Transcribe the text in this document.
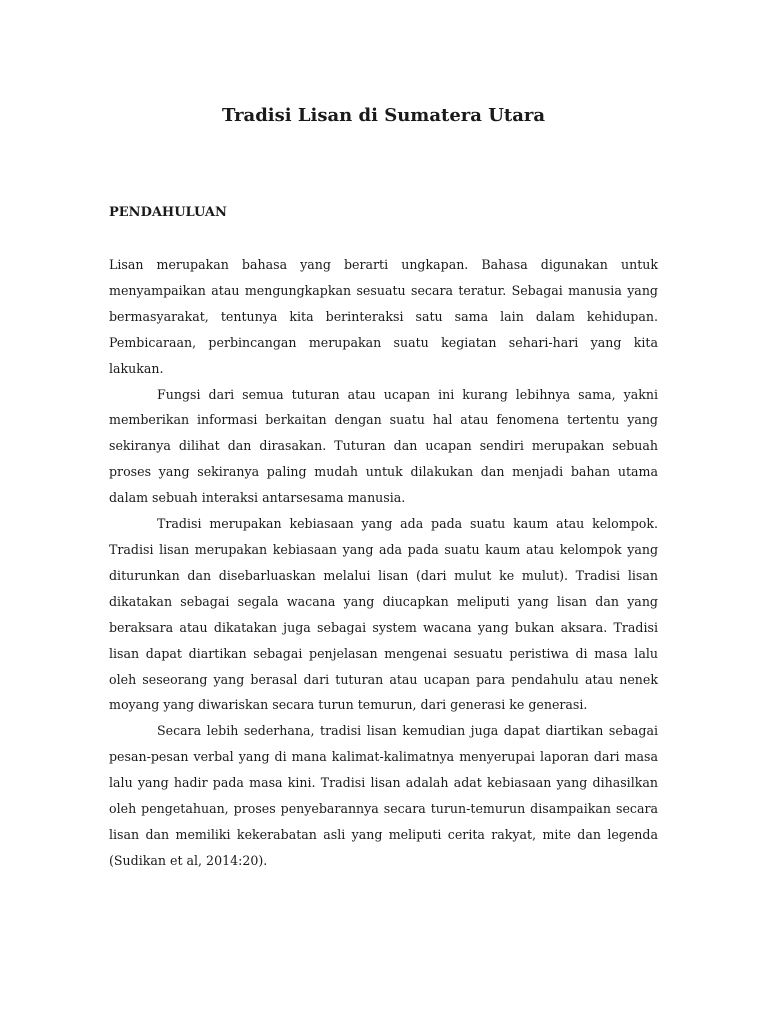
Tradisi Lisan di Sumatera Utara
PENDAHULUAN

Lisan merupakan bahasa yang berarti ungkapan. Bahasa digunakan untuk menyampaikan atau mengungkapkan sesuatu secara teratur. Sebagai manusia yang bermasyarakat, tentunya kita berinteraksi satu sama lain dalam kehidupan. Pembicaraan, perbincangan merupakan suatu kegiatan sehari-hari yang kita lakukan.

Fungsi dari semua tuturan atau ucapan ini kurang lebihnya sama, yakni memberikan informasi berkaitan dengan suatu hal atau fenomena tertentu yang sekiranya dilihat dan dirasakan. Tuturan dan ucapan sendiri merupakan sebuah proses yang sekiranya paling mudah untuk dilakukan dan menjadi bahan utama dalam sebuah interaksi antarsesama manusia.

Tradisi merupakan kebiasaan yang ada pada suatu kaum atau kelompok. Tradisi lisan merupakan kebiasaan yang ada pada suatu kaum atau kelompok yang diturunkan dan disebarluaskan melalui lisan (dari mulut ke mulut). Tradisi lisan dikatakan sebagai segala wacana yang diucapkan meliputi yang lisan dan yang beraksara atau dikatakan juga sebagai system wacana yang bukan aksara. Tradisi lisan dapat diartikan sebagai penjelasan mengenai sesuatu peristiwa di masa lalu oleh seseorang yang berasal dari tuturan atau ucapan para pendahulu atau nenek moyang yang diwariskan secara turun temurun, dari generasi ke generasi.

Secara lebih sederhana, tradisi lisan kemudian juga dapat diartikan sebagai pesan-pesan verbal yang di mana kalimat-kalimatnya menyerupai laporan dari masa lalu yang hadir pada masa kini. Tradisi lisan adalah adat kebiasaan yang dihasilkan oleh pengetahuan, proses penyebarannya secara turun-temurun disampaikan secara lisan dan memiliki kekerabatan asli yang meliputi cerita rakyat, mite dan legenda (Sudikan et al, 2014:20).
